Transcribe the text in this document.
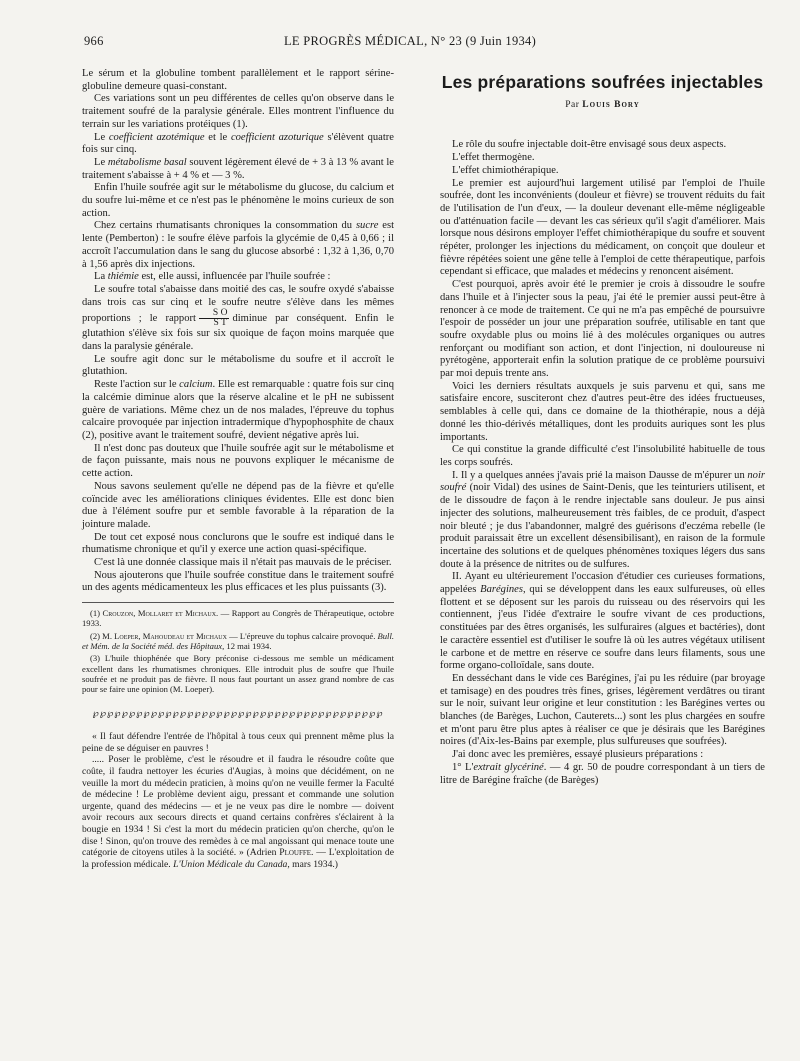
966	LE PROGRÈS MÉDICAL, N° 23 (9 Juin 1934)

Le sérum et la globuline tombent parallèlement et le rapport sérine-globuline demeure quasi-constant.

Ces variations sont un peu différentes de celles qu'on observe dans le traitement soufré de la paralysie générale. Elles montrent l'influence du terrain sur les variations protéiques (1).

Le coefficient azotémique et le coefficient azoturique s'élèvent quatre fois sur cinq.

Le métabolisme basal souvent légèrement élevé de + 3 à 13 % avant le traitement s'abaisse à + 4 % et — 3 %.

Enfin l'huile soufrée agit sur le métabolisme du glucose, du calcium et du soufre lui-même et ce n'est pas le phénomène le moins curieux de son action.

Chez certains rhumatisants chroniques la consommation du sucre est lente (Pemberton) : le soufre élève parfois la glycémie de 0,45 à 0,66 ; il accroît l'accumulation dans le sang du glucose absorbé : 1,32 à 1,36, 0,70 à 1,56 après dix injections.

La thiémie est, elle aussi, influencée par l'huile soufrée :

Le soufre total s'abaisse dans moitié des cas, le soufre oxydé s'abaisse dans trois cas sur cinq et le soufre neutre s'élève dans les mêmes proportions ; le rapport $\frac{\text{S O}}{\text{S T}}$ diminue par conséquent. Enfin le glutathion s'élève six fois sur six quoique de façon moins marquée que dans la paralysie générale.

Le soufre agit donc sur le métabolisme du soufre et il accroît le glutathion.

Reste l'action sur le calcium. Elle est remarquable : quatre fois sur cinq la calcémie diminue alors que la réserve alcaline et le pH ne subissent guère de variations. Même chez un de nos malades, l'épreuve du tophus calcaire provoquée par injection intradermique d'hypophosphite de chaux (2), positive avant le traitement soufré, devient négative après lui.

Il n'est donc pas douteux que l'huile soufrée agit sur le métabolisme et de façon puissante, mais nous ne pouvons expliquer le mécanisme de cette action.

Nous savons seulement qu'elle ne dépend pas de la fièvre et qu'elle coïncide avec les améliorations cliniques évidentes. Elle est donc bien due à l'élément soufre pur et semble favorable à la réparation de la jointure malade.

De tout cet exposé nous conclurons que le soufre est indiqué dans le rhumatisme chronique et qu'il y exerce une action quasi-spécifique.

C'est là une donnée classique mais il n'était pas mauvais de le préciser.

Nous ajouterons que l'huile soufrée constitue dans le traitement soufré un des agents médicamenteux les plus efficaces et les plus puissants (3).

(1) Crouzon, Mollaret et Michaux. — Rapport au Congrès de Thérapeutique, octobre 1933.

(2) M. Loeper, Mahoudeau et Michaux — L'épreuve du tophus calcaire provoqué. Bull. et Mém. de la Société méd. des Hôpitaux, 12 mai 1934.

(3) L'huile thiophénée que Bory préconise ci-dessous me semble un médicament excellent dans les rhumatismes chroniques. Elle introduit plus de soufre que l'huile soufrée et ne produit pas de fièvre. Il nous faut pourtant un assez grand nombre de cas pour se faire une opinion (M. Loeper).

℘℘℘℘℘℘℘℘℘℘℘℘℘℘℘℘℘℘℘℘℘℘℘℘℘℘℘℘℘℘℘℘℘℘℘℘℘℘℘℘

« Il faut défendre l'entrée de l'hôpital à tous ceux qui prennent même plus la peine de se déguiser en pauvres !

..... Poser le problème, c'est le résoudre et il faudra le résoudre coûte que coûte, il faudra nettoyer les écuries d'Augias, à moins que décidément, on ne veuille la mort du médecin praticien, à moins qu'on ne veuille fermer la Faculté de médecine ! Le problème devient aigu, pressant et commande une solution urgente, quand des médecins — et je ne veux pas dire le nombre — doivent avoir recours aux secours directs et quand certains confrères s'éclairent à la bougie en 1934 ! Si c'est la mort du médecin praticien qu'on cherche, qu'on le dise ! Sinon, qu'on trouve des remèdes à ce mal angoissant qui menace toute une catégorie de citoyens utiles à la société. » (Adrien Plouffe. — L'exploitation de la profession médicale. L'Union Médicale du Canada, mars 1934.)

Les préparations soufrées injectables
Par Louis Bory

Le rôle du soufre injectable doit-être envisagé sous deux aspects.

L'effet thermogène.

L'effet chimiothérapique.

Le premier est aujourd'hui largement utilisé par l'emploi de l'huile soufrée, dont les inconvénients (douleur et fièvre) se trouvent réduits du fait de l'utilisation de l'un d'eux, — la douleur devenant elle-même négligeable ou d'atténuation facile — devant les cas sérieux qu'il s'agit d'améliorer. Mais lorsque nous désirons employer l'effet chimiothérapique du soufre et souvent répéter, prolonger les injections du médicament, on conçoit que douleur et fièvre répétées soient une gêne telle à l'emploi de cette thérapeutique, parfois cependant si efficace, que malades et médecins y renoncent aisément.

C'est pourquoi, après avoir été le premier je crois à dissoudre le soufre dans l'huile et à l'injecter sous la peau, j'ai été le premier aussi peut-être à renoncer à ce mode de traitement. Ce qui ne m'a pas empêché de poursuivre l'espoir de posséder un jour une préparation soufrée, utilisable en tant que soufre oxydable plus ou moins lié à des molécules organiques ou autres renforçant ou modifiant son action, et dont l'injection, ni douloureuse ni pyrétogène, apporterait enfin la solution pratique de ce problème poursuivi par moi depuis trente ans.

Voici les derniers résultats auxquels je suis parvenu et qui, sans me satisfaire encore, susciteront chez d'autres peut-être des idées fructueuses, semblables à celle qui, dans ce domaine de la thiothérapie, nous a déjà donné les thio-dérivés métalliques, dont les produits auriques sont les plus importants.

Ce qui constitue la grande difficulté c'est l'insolubilité habituelle de tous les corps soufrés.

I. Il y a quelques années j'avais prié la maison Dausse de m'épurer un noir soufré (noir Vidal) des usines de Saint-Denis, que les teinturiers utilisent, et de le dissoudre de façon à le rendre injectable sans douleur. Je pus ainsi injecter des solutions, malheureusement très faibles, de ce produit, d'aspect noir bleuté ; je dus l'abandonner, malgré des guérisons d'eczéma rebelle (le produit paraissait être un excellent désensibilisant), en raison de la formule incertaine des solutions et de quelques phénomènes toxiques légers dus sans doute à la présence de nitrites ou de sulfures.

II. Ayant eu ultérieurement l'occasion d'étudier ces curieuses formations, appelées Barégines, qui se développent dans les eaux sulfureuses, où elles flottent et se déposent sur les parois du ruisseau ou des réservoirs qui les contiennent, j'eus l'idée d'extraire le soufre vivant de ces productions, constituées par des êtres organisés, les sulfuraires (algues et bactéries), dont le caractère essentiel est d'utiliser le soufre là où les autres végétaux utilisent le carbone et de mettre en réserve ce soufre dans leurs filaments, sous une forme organo-colloïdale, sans doute.

En desséchant dans le vide ces Barégines, j'ai pu les réduire (par broyage et tamisage) en des poudres très fines, grises, légèrement verdâtres ou tirant sur le noir, suivant leur origine et leur constitution : les Barégines vertes ou blanches (de Barèges, Luchon, Cauterets...) sont les plus chargées en soufre et m'ont paru être plus aptes à réaliser ce que je désirais que les Barégines noires (d'Aix-les-Bains par exemple, plus sulfureuses que soufrées).

J'ai donc avec les premières, essayé plusieurs préparations :

1° L'extrait glycériné. — 4 gr. 50 de poudre correspondant à un tiers de litre de Barégine fraîche (de Barèges)
